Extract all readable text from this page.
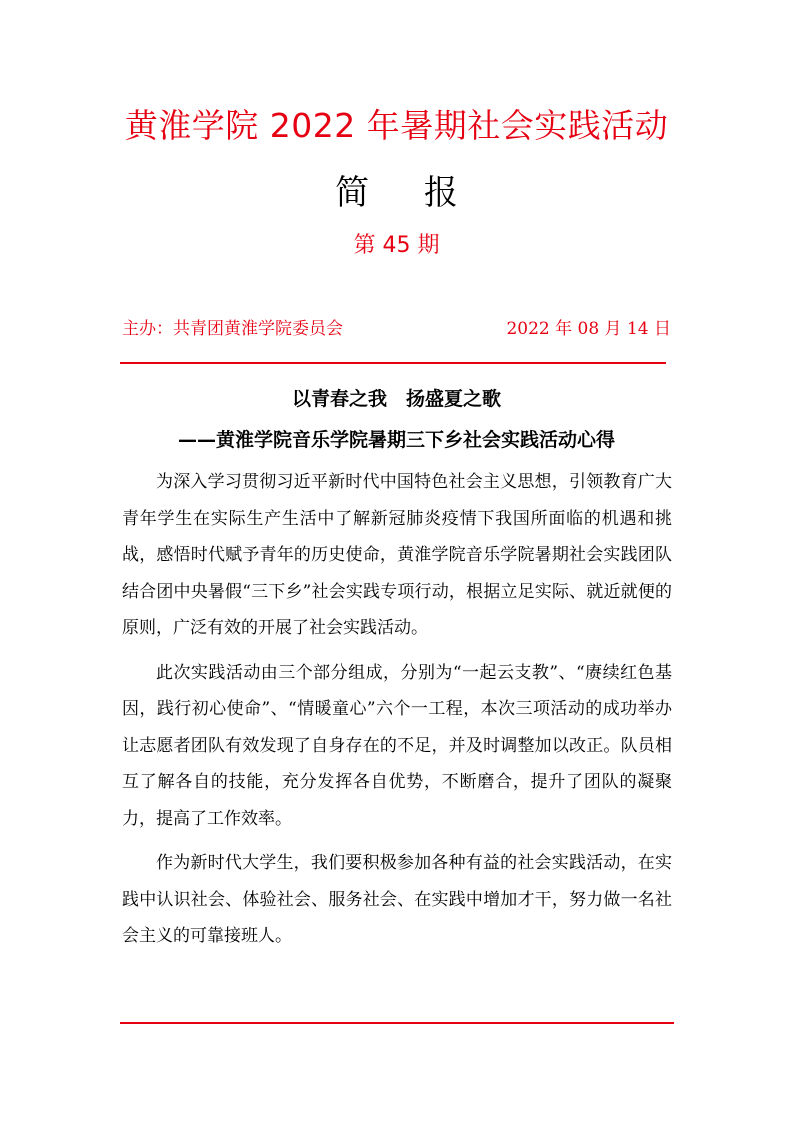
黄淮学院 2022 年暑期社会实践活动
简 报
第 45 期
主办：共青团黄淮学院委员会	2022 年 08 月 14 日
以青春之我　扬盛夏之歌
——黄淮学院音乐学院暑期三下乡社会实践活动心得

为深入学习贯彻习近平新时代中国特色社会主义思想，引领教育广大青年学生在实际生产生活中了解新冠肺炎疫情下我国所面临的机遇和挑战，感悟时代赋予青年的历史使命，黄淮学院音乐学院暑期社会实践团队结合团中央暑假“三下乡”社会实践专项行动，根据立足实际、就近就便的原则，广泛有效的开展了社会实践活动。

此次实践活动由三个部分组成，分别为“一起云支教”、“赓续红色基因，践行初心使命”、“情暖童心”六个一工程，本次三项活动的成功举办让志愿者团队有效发现了自身存在的不足，并及时调整加以改正。队员相互了解各自的技能，充分发挥各自优势，不断磨合，提升了团队的凝聚力，提高了工作效率。

作为新时代大学生，我们要积极参加各种有益的社会实践活动，在实践中认识社会、体验社会、服务社会、在实践中增加才干，努力做一名社会主义的可靠接班人。
